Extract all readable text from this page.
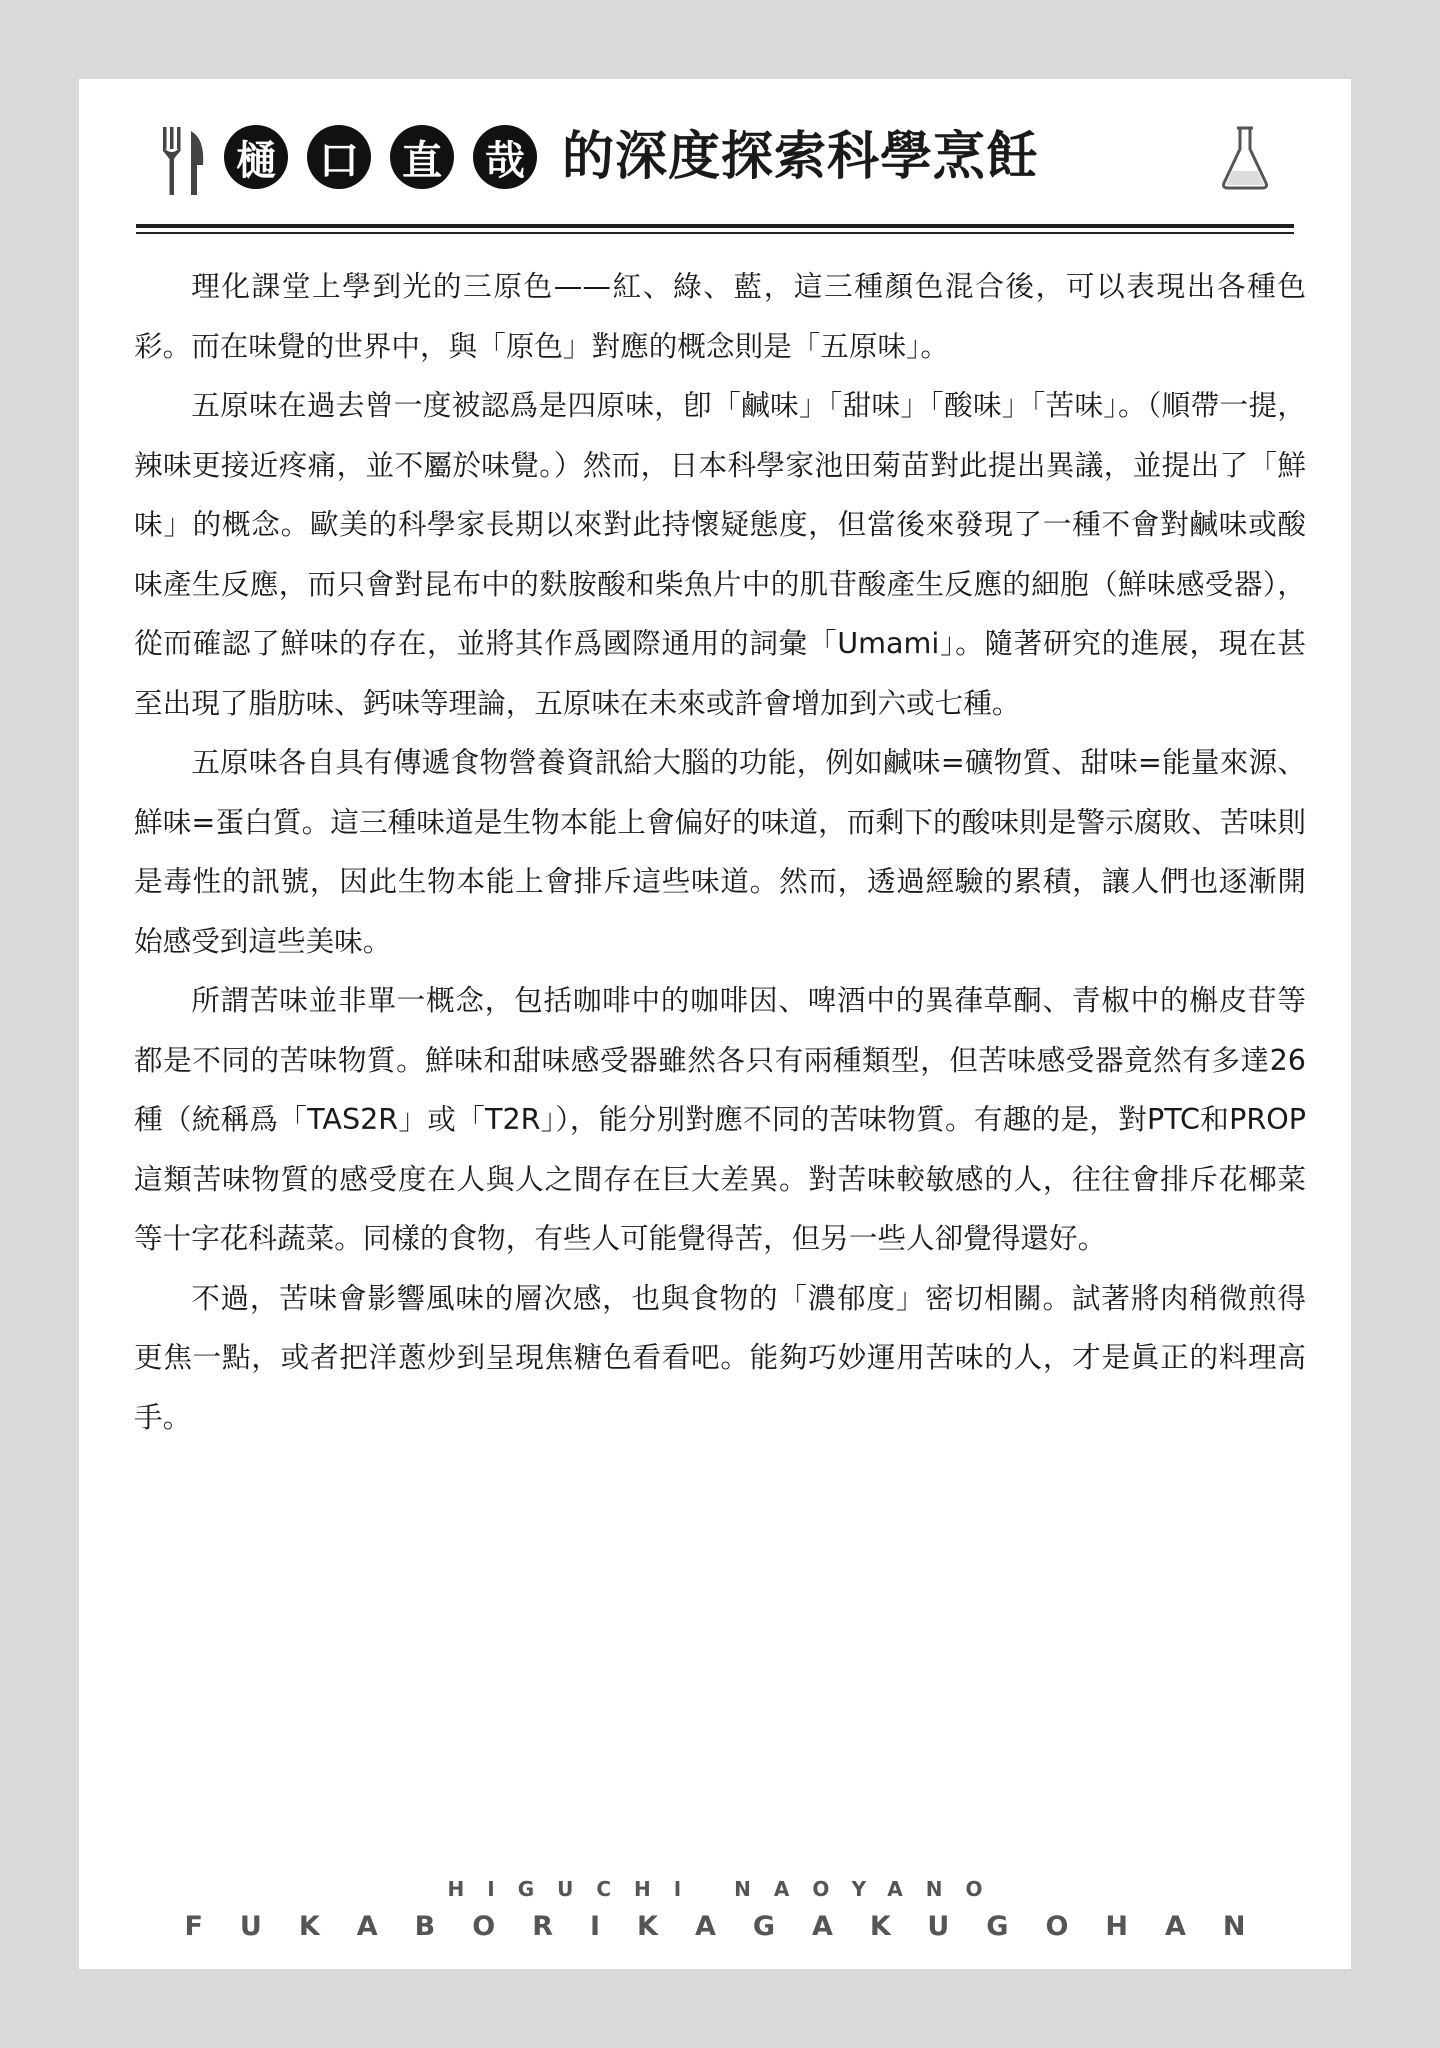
樋	口	直	哉 的深度探索科學烹飪

理化課堂上學到光的三原色——紅、綠、藍，這三種顏色混合後，可以表現出各種色彩。而在味覺的世界中，與「原色」對應的概念則是「五原味」。

五原味在過去曾一度被認爲是四原味，卽「鹹味」「甜味」「酸味」「苦味」。（順帶一提，辣味更接近疼痛，並不屬於味覺。）然而，日本科學家池田菊苗對此提出異議，並提出了「鮮味」的概念。歐美的科學家長期以來對此持懷疑態度，但當後來發現了一種不會對鹹味或酸味產生反應，而只會對昆布中的麩胺酸和柴魚片中的肌苷酸產生反應的細胞（鮮味感受器），從而確認了鮮味的存在，並將其作爲國際通用的詞彙「Umami」。隨著研究的進展，現在甚至出現了脂肪味、鈣味等理論，五原味在未來或許會增加到六或七種。

五原味各自具有傳遞食物營養資訊給大腦的功能，例如鹹味=礦物質、甜味=能量來源、鮮味=蛋白質。這三種味道是生物本能上會偏好的味道，而剩下的酸味則是警示腐敗、苦味則是毒性的訊號，因此生物本能上會排斥這些味道。然而，透過經驗的累積，讓人們也逐漸開始感受到這些美味。

所謂苦味並非單一概念，包括咖啡中的咖啡因、啤酒中的異葎草酮、青椒中的槲皮苷等都是不同的苦味物質。鮮味和甜味感受器雖然各只有兩種類型，但苦味感受器竟然有多達26種（統稱爲「TAS2R」或「T2R」），能分別對應不同的苦味物質。有趣的是，對PTC和PROP這類苦味物質的感受度在人與人之間存在巨大差異。對苦味較敏感的人，往往會排斥花椰菜等十字花科蔬菜。同樣的食物，有些人可能覺得苦，但另一些人卻覺得還好。

不過，苦味會影響風味的層次感，也與食物的「濃郁度」密切相關。試著將肉稍微煎得更焦一點，或者把洋蔥炒到呈現焦糖色看看吧。能夠巧妙運用苦味的人，才是眞正的料理高手。

HIGUCHI NAOYANO
FUKABORIKAGAKUGOHAN
